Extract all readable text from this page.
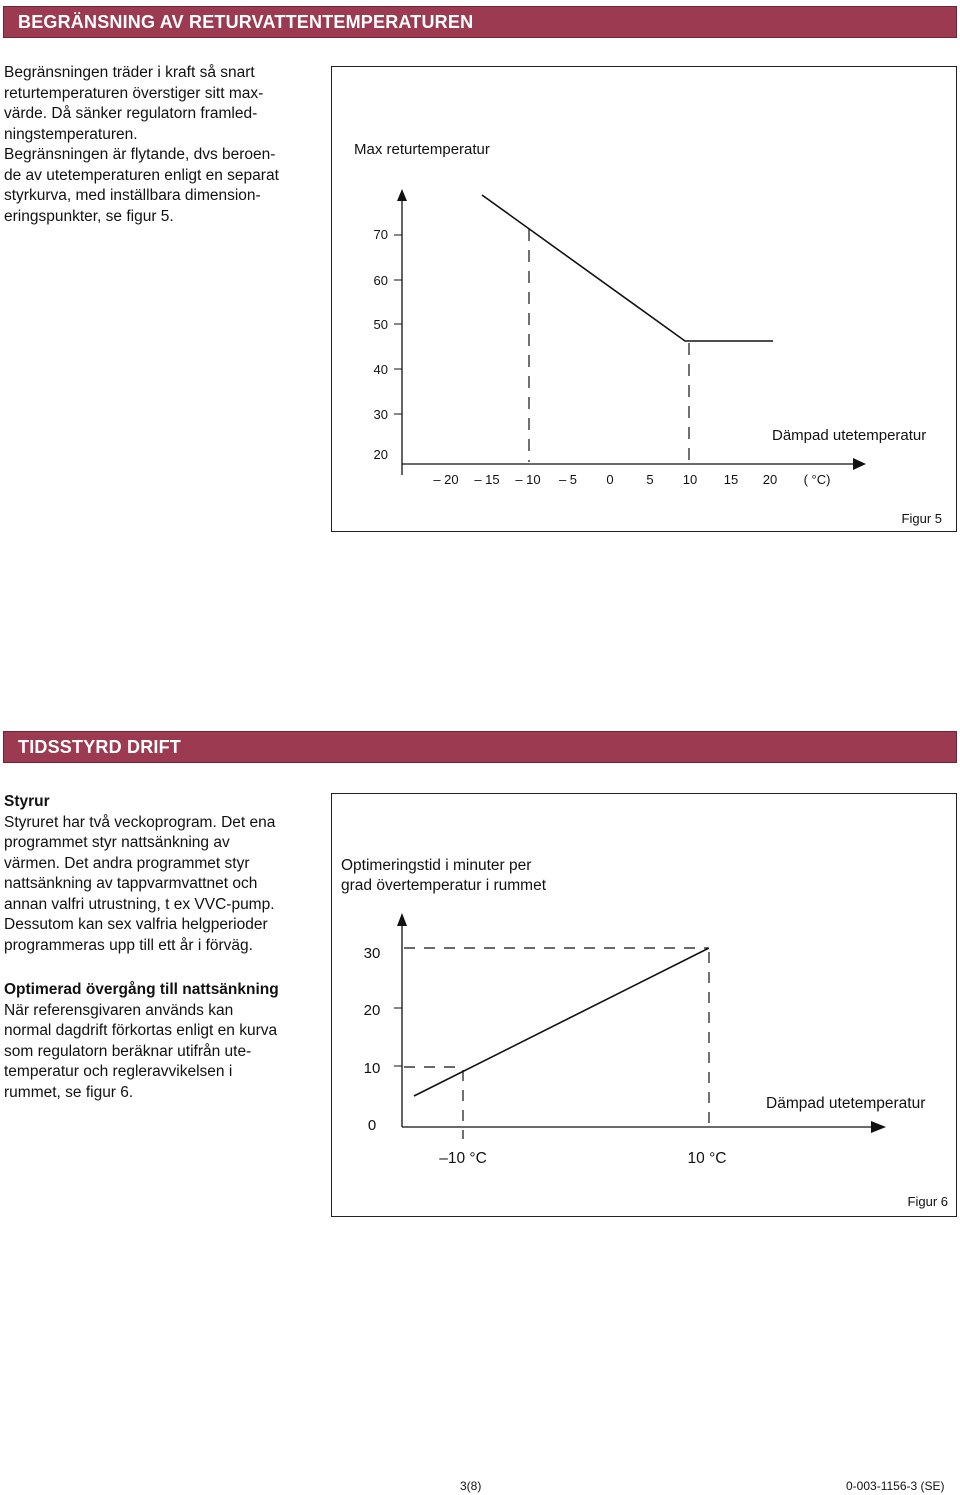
BEGRÄNSNING AV RETURVATTENTEMPERATUREN

Begränsningen träder i kraft så snart

returtemperaturen överstiger sitt max-

värde. Då sänker regulatorn framled-

ningstemperaturen.

Begränsningen är flytande, dvs beroen-

de av utetemperaturen enligt en separat

styrkurva, med inställbara dimension-

eringspunkter, se figur 5.

Max returtemperatur
70
60
50
40
30
20
Dämpad utetemperatur
– 20 – 15 – 10 – 5 0	5 10 15 20 ( °C)
Figur 5
TIDSSTYRD DRIFT
Styrur

Styruret har två veckoprogram. Det ena

programmet styr nattsänkning av

värmen. Det andra programmet styr

nattsänkning av tappvarmvattnet och

annan valfri utrustning, t ex VVC-pump.

Dessutom kan sex valfria helgperioder

programmeras upp till ett år i förväg.

Optimerad övergång till nattsänkning

När referensgivaren används kan

normal dagdrift förkortas enligt en kurva

som regulatorn beräknar utifrån ute-

temperatur och regleravvikelsen i

rummet, se figur 6.

Optimeringstid i minuter per
grad övertemperatur i rummet
30
20
10
0
Dämpad utetemperatur
–10 °C	10 °C
Figur 6
3(8)	0-003-1156-3 (SE)
